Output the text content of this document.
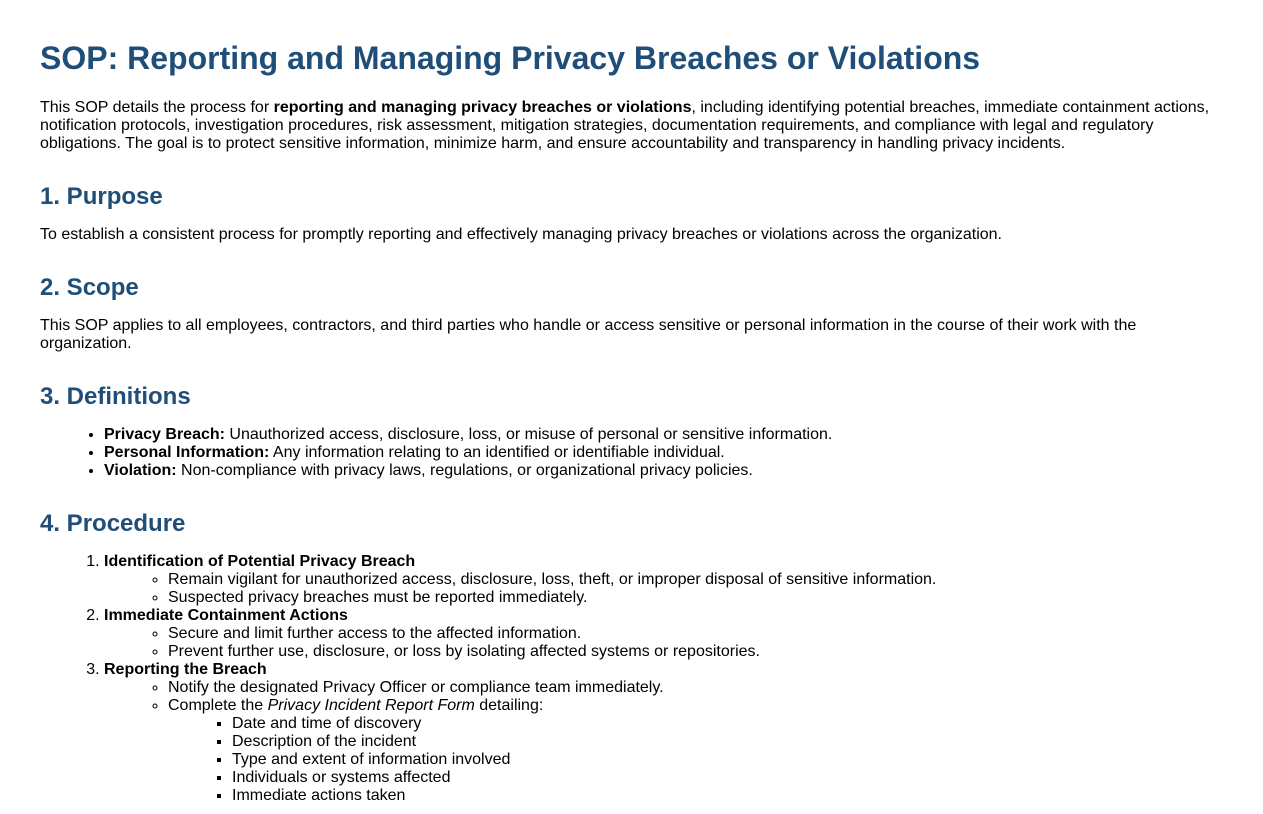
SOP: Reporting and Managing Privacy Breaches or Violations

This SOP details the process for reporting and managing privacy breaches or violations, including identifying potential breaches, immediate containment actions, notification protocols, investigation procedures, risk assessment, mitigation strategies, documentation requirements, and compliance with legal and regulatory obligations. The goal is to protect sensitive information, minimize harm, and ensure accountability and transparency in handling privacy incidents.

1. Purpose

To establish a consistent process for promptly reporting and effectively managing privacy breaches or violations across the organization.

2. Scope

This SOP applies to all employees, contractors, and third parties who handle or access sensitive or personal information in the course of their work with the organization.

3. Definitions
• Privacy Breach: Unauthorized access, disclosure, loss, or misuse of personal or sensitive information.
• Personal Information: Any information relating to an identified or identifiable individual.
• Violation: Non-compliance with privacy laws, regulations, or organizational privacy policies.
4. Procedure
1. Identification of Potential Privacy Breach
◦ Remain vigilant for unauthorized access, disclosure, loss, theft, or improper disposal of sensitive information.
◦ Suspected privacy breaches must be reported immediately.
2. Immediate Containment Actions
◦ Secure and limit further access to the affected information.
◦ Prevent further use, disclosure, or loss by isolating affected systems or repositories.
3. Reporting the Breach
◦ Notify the designated Privacy Officer or compliance team immediately.
◦ Complete the Privacy Incident Report Form detailing:
▪ Date and time of discovery
▪ Description of the incident
▪ Type and extent of information involved
▪ Individuals or systems affected
▪ Immediate actions taken
